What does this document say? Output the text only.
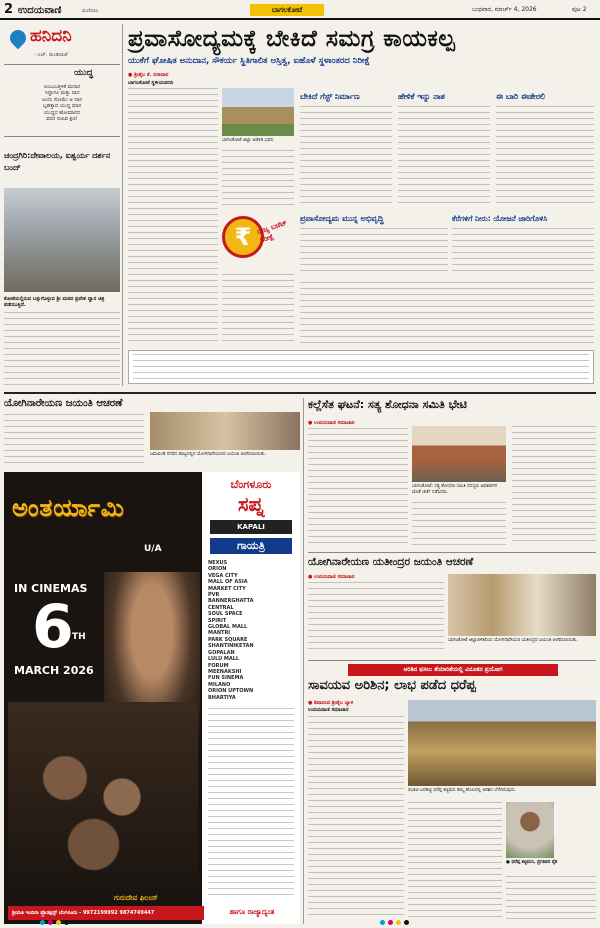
2 ಉದಯವಾಣಿ	ಮಣಿಪಾಲ	ಬಾಗಲಕೋಟೆ	ಬುಧವಾರ, ಮಾರ್ಚ್ 4, 2026	ಪುಟ 2
ಹನಿದನಿ
- ಎಚ್. ಡುಂಡಿರಾಜ್
ಯುದ್ಧ
ಅಂಬುಬತ್ತಳಿಕೆ ಮದಾನ
ಇದ್ದಾಗೂ ಮತ್ತು ದಾನ
ಅಂದು ಸೋಮೇ ಆ ದಾನ
ಬೃಹತ್ತಾದ ಯುದ್ಧ ಮಾನ
ಯುದ್ಧದ ಹೋಮಾನದ
ವರದ ಸುಖವ ಕ್ಷಣ!
ಚಂದ್ರಗಿರಿ:ದೇವಾಲಯ, ಐಶ್ವರ್ಯ ದರ್ಶನ ಬಂದ್
ಕೋಟೆಯಲ್ಲಿರುವ ಬಸ್ಸುಗೊಳ್ಳುವ ಶ್ರೀ ಮಠದ ಪ್ರವೇಶ ದ್ವಾರ ಚಿತ್ರ ಪಡೆಯುತ್ತಿದೆ.
ಪ್ರವಾಸೋದ್ಯಮಕ್ಕೆ ಬೇಕಿದೆ ಸಮಗ್ರ ಕಾಯಕಲ್ಪ
ಯುಕೆಗೆ ಘೋಷಿತ ಅನುದಾನ, ಸೌಕರ್ಯ ಸ್ಥಿತಿಗಾಲಿತ ಆಸ್ತಿತ್ವ, ಐಹೊಳೆ ಸ್ಥಳಾಂತರದ ನಿರೀಕ್ಷೆ
● ಶ್ರೀಶೈಲ ಕೆ. ಬಿರಾದಾರ
ಬಾಗಲಕೋಟೆ ಸ್ಥಳೀಯವರದಿ
ಬಾಗಲಕೋಟೆ ಜಿಲ್ಲಾ ಆಡಳಿತ ಭವನ.
₹ ರಾಜ್ಯ ಬಜೆಟ್ ನಿರೀಕ್ಷೆ
ಬೇಕಿದೆ ಗೆಸ್ಟ್ ನಿರ್ಮಾಣ	ಹೇಳಿಕೆ ಇನ್ನು ನಾಶ	ಈ ಬಾರಿ ಈಡೇರಲಿ
ಪ್ರವಾಸೋದ್ಯಮ ಮುನ್ನ ಅಭಿವೃದ್ಧಿ	ಕೆರೆಗಳಿಗೆ ನೀರು: ಯೋಜನೆ ಜಾರಿಗೊಳಿಸಿ
ಯೋಗಿನಾರೇಯಣ ಜಯಂತಿ ಆಚರಣೆ
ಜಮಖಂಡಿ ನಗರದ ಪಾಲ್ವದಲ್ಲಿನ ಯೋಗಿನಾರೇಯಣರ ಜಯಂತಿ ಆಚರಿಸಲಾಯಿತು.
ಅಂತರ್ಯಾಮಿ
U/A
IN CINEMAS
6
TH
MARCH 2026
ಬೆಂಗಳೂರು
ಸಪ್ನ
KAPALI
ಗಾಯತ್ರಿ
NEXUS
ORION
VEGA CITY
MALL OF ASIA
MARKET CITY
PVR
BANNERGHATTA
CENTRAL
SOUL SPACE
SPIRIT
GLOBAL MALL
MANTRI
PARK SQUARE
SHANTINIKETAN
GOPALAN
LULU MALL
FORUM
MEENAKSHI
FUN SINEMA
MILANO
ORION UPTOWN
BHARTIYA
ಗುರುದೇವ ಫಿಲಂಸ್
ಶ್ರೀಮತಿ ಇಂದಿರಾ ಪ್ರೊಡಕ್ಷನ್ಸ್ ಬೆಂಗಳೂರು - 9972199992 9874749447	ಹಾಗೂ ರಾಜ್ಯಾದ್ಯಂತ
ಕಲ್ಲೆಸೆತ ಘಟನೆ: ಸತ್ಯ ಶೋಧನಾ ಸಮಿತಿ ಭೇಟಿ
● ಉದಯವಾಣಿ ಸಮಾಚಾರ
ಬಾಗಲಕೋಟೆ: ಸತ್ಯ ಶೋಧನಾ ಸಮಿತಿ ಸದಸ್ಯರು ಅಧಿಕಾರಿಗಳ ಜೊತೆ ಚರ್ಚೆ ನಡೆಸಿದರು.
ಯೋಗಿನಾರೇಯಣ ಯತೀಂದ್ರರ ಜಯಂತಿ ಆಚರಣೆ
● ಉದಯವಾಣಿ ಸಮಾಚಾರ
ಬಾಗಲಕೋಟೆ ಜಿಲ್ಲಾಡಳಿತದಿಂದ ಯೋಗಿನಾರೇಯಣ ಯತೀಂದ್ರರ ಜಯಂತಿ ಆಚರಿಸಲಾಯಿತು.
ಆರಿಶಿನ ಫಸಲು ತೆಯಾರಿಕೆಯಲ್ಲಿ ವಿನೂತನ ಪ್ರಯೋಗ
ಸಾವಯವ ಅರಿಶಿನ; ಲಾಭ ಪಡೆದ ಧರೆಪ್ಪ
● ಶಿವಾನಂದ ಶ್ರೀಶೈಲ ಬ್ಯಾಳಿ
ಉದಯವಾಣಿ ಸಮಾಚಾರ
ರಬಕವಿ-ಬನಹಟ್ಟಿ ಧರೆಪ್ಪ ಕಟ್ಟಿಮನಿ ತಮ್ಮ ಹೊಲದಲ್ಲಿ ಅರಿಶಿನ ಬೆಳೆದಿರುವುದು.
● ಧರೆಪ್ಪ ಕಟ್ಟಿಮನಿ, ಪ್ರಗತಿಪರ ರೈತ
